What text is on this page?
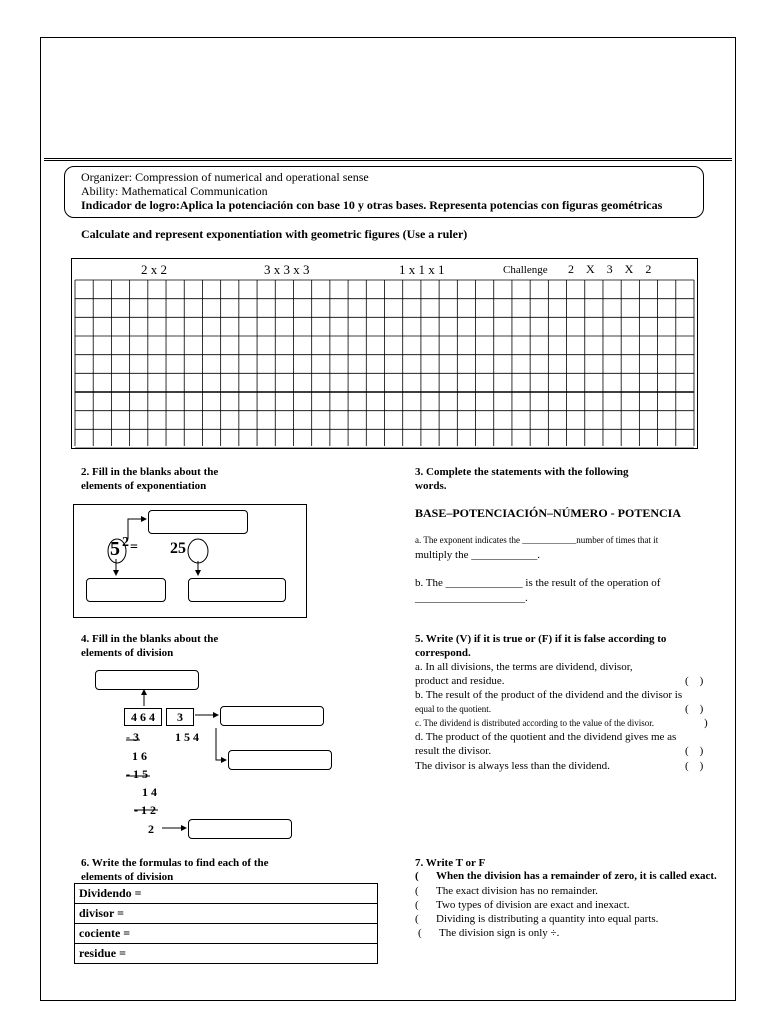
Organizer: Compression of numerical and operational sense
Ability: Mathematical Communication
Indicador de logro:Aplica la potenciación con base 10 y otras bases. Representa potencias con figuras geométricas
Calculate and represent exponentiation with geometric figures (Use a ruler)
2 x 2	3 x 3 x 3	1 x 1 x 1	Challenge 2    X    3    X    2
2. Fill in the blanks about the
elements of exponentiation
5 2 = 25
3. Complete the statements with the following
words.
BASE–POTENCIACIÓN–NÚMERO - POTENCIA
a. The exponent indicates the ____________number of times that it
multiply the ____________.
b. The ______________ is the result of the operation of
____________________.
4. Fill in the blanks about the
elements of division
4 6 4	3
- 3	1 5 4
1 6
- 1 5
1 4
- 1 2
2
5. Write (V) if it is true or (F) if it is false according to
correspond.
a. In all divisions, the terms are dividend, divisor,
product and residue.	(    )
b. The result of the product of the dividend and the divisor is
equal to the quotient.	(    )
c. The dividend is distributed according to the value of the divisor.	)
d. The product of the quotient and the dividend gives me as
result the divisor.	(    )
The divisor is always less than the dividend.	(    )
6. Write the formulas to find each of the
elements of division
Dividendo =
divisor =
cociente =
residue =
7. Write T or F
( When the division has a remainder of zero, it is called exact.
( The exact division has no remainder.
( Two types of division are exact and inexact.
( Dividing is distributing a quantity into equal parts.
( The division sign is only ÷.
